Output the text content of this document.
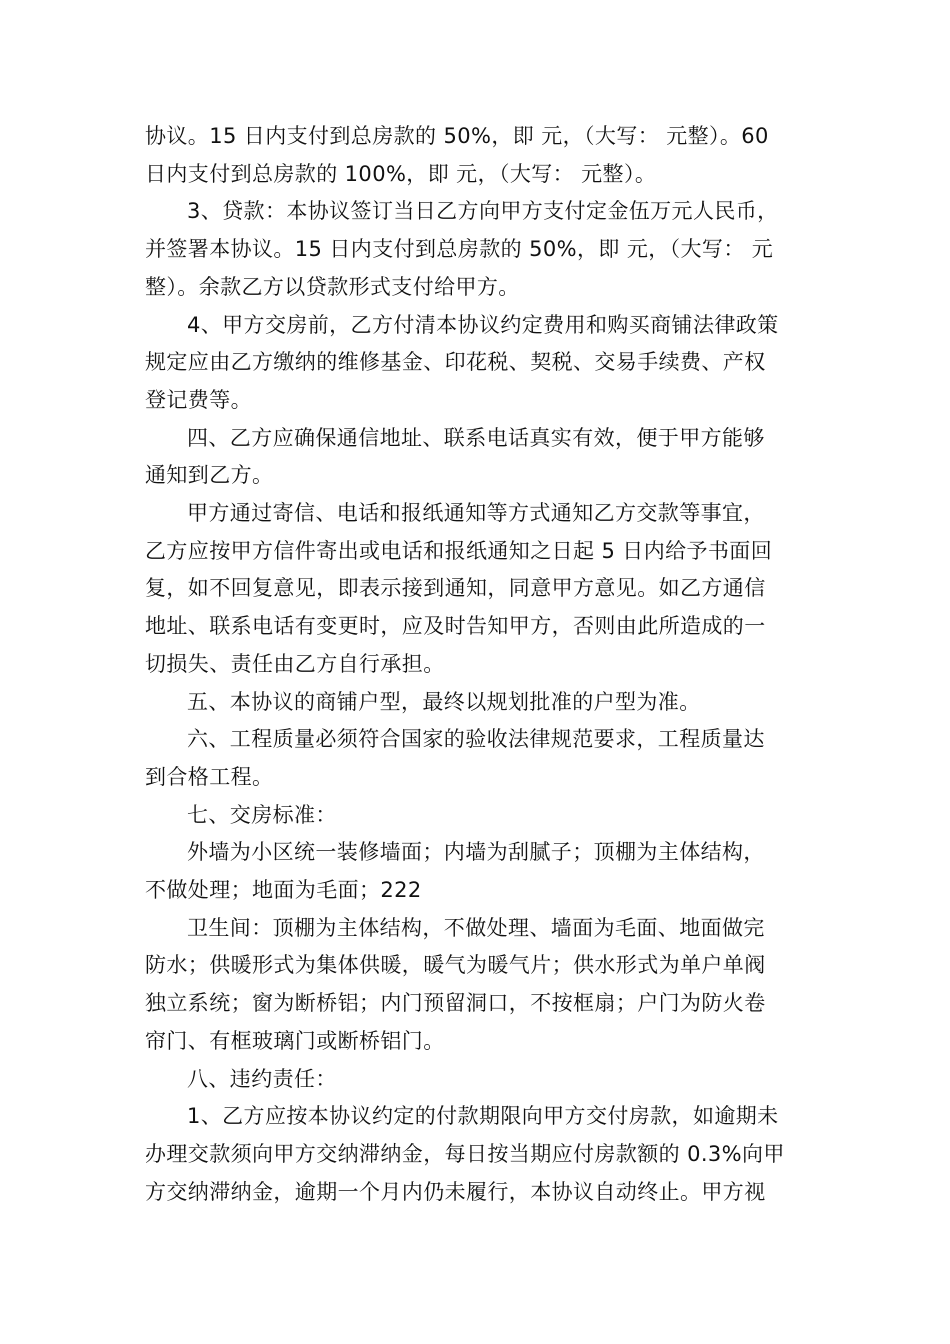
协议。15 日内支付到总房款的 50%，即 元，（大写： 元整）。60
日内支付到总房款的 100%，即 元，（大写： 元整）。

3、贷款：本协议签订当日乙方向甲方支付定金伍万元人民币，
并签署本协议。15 日内支付到总房款的 50%，即 元，（大写： 元
整）。余款乙方以贷款形式支付给甲方。

4、甲方交房前，乙方付清本协议约定费用和购买商铺法律政策
规定应由乙方缴纳的维修基金、印花税、契税、交易手续费、产权
登记费等。

四、乙方应确保通信地址、联系电话真实有效，便于甲方能够
通知到乙方。

甲方通过寄信、电话和报纸通知等方式通知乙方交款等事宜，
乙方应按甲方信件寄出或电话和报纸通知之日起 5 日内给予书面回
复，如不回复意见，即表示接到通知，同意甲方意见。如乙方通信
地址、联系电话有变更时，应及时告知甲方，否则由此所造成的一
切损失、责任由乙方自行承担。

五、本协议的商铺户型，最终以规划批准的户型为准。

六、工程质量必须符合国家的验收法律规范要求，工程质量达
到合格工程。

七、交房标准：

外墙为小区统一装修墙面；内墙为刮腻子；顶棚为主体结构，
不做处理；地面为毛面；222

卫生间：顶棚为主体结构，不做处理、墙面为毛面、地面做完
防水；供暖形式为集体供暖，暖气为暖气片；供水形式为单户单阀
独立系统；窗为断桥铝；内门预留洞口，不按框扇；户门为防火卷
帘门、有框玻璃门或断桥铝门。

八、违约责任：

1、乙方应按本协议约定的付款期限向甲方交付房款，如逾期未
办理交款须向甲方交纳滞纳金，每日按当期应付房款额的 0.3%向甲
方交纳滞纳金，逾期一个月内仍未履行，本协议自动终止。甲方视
